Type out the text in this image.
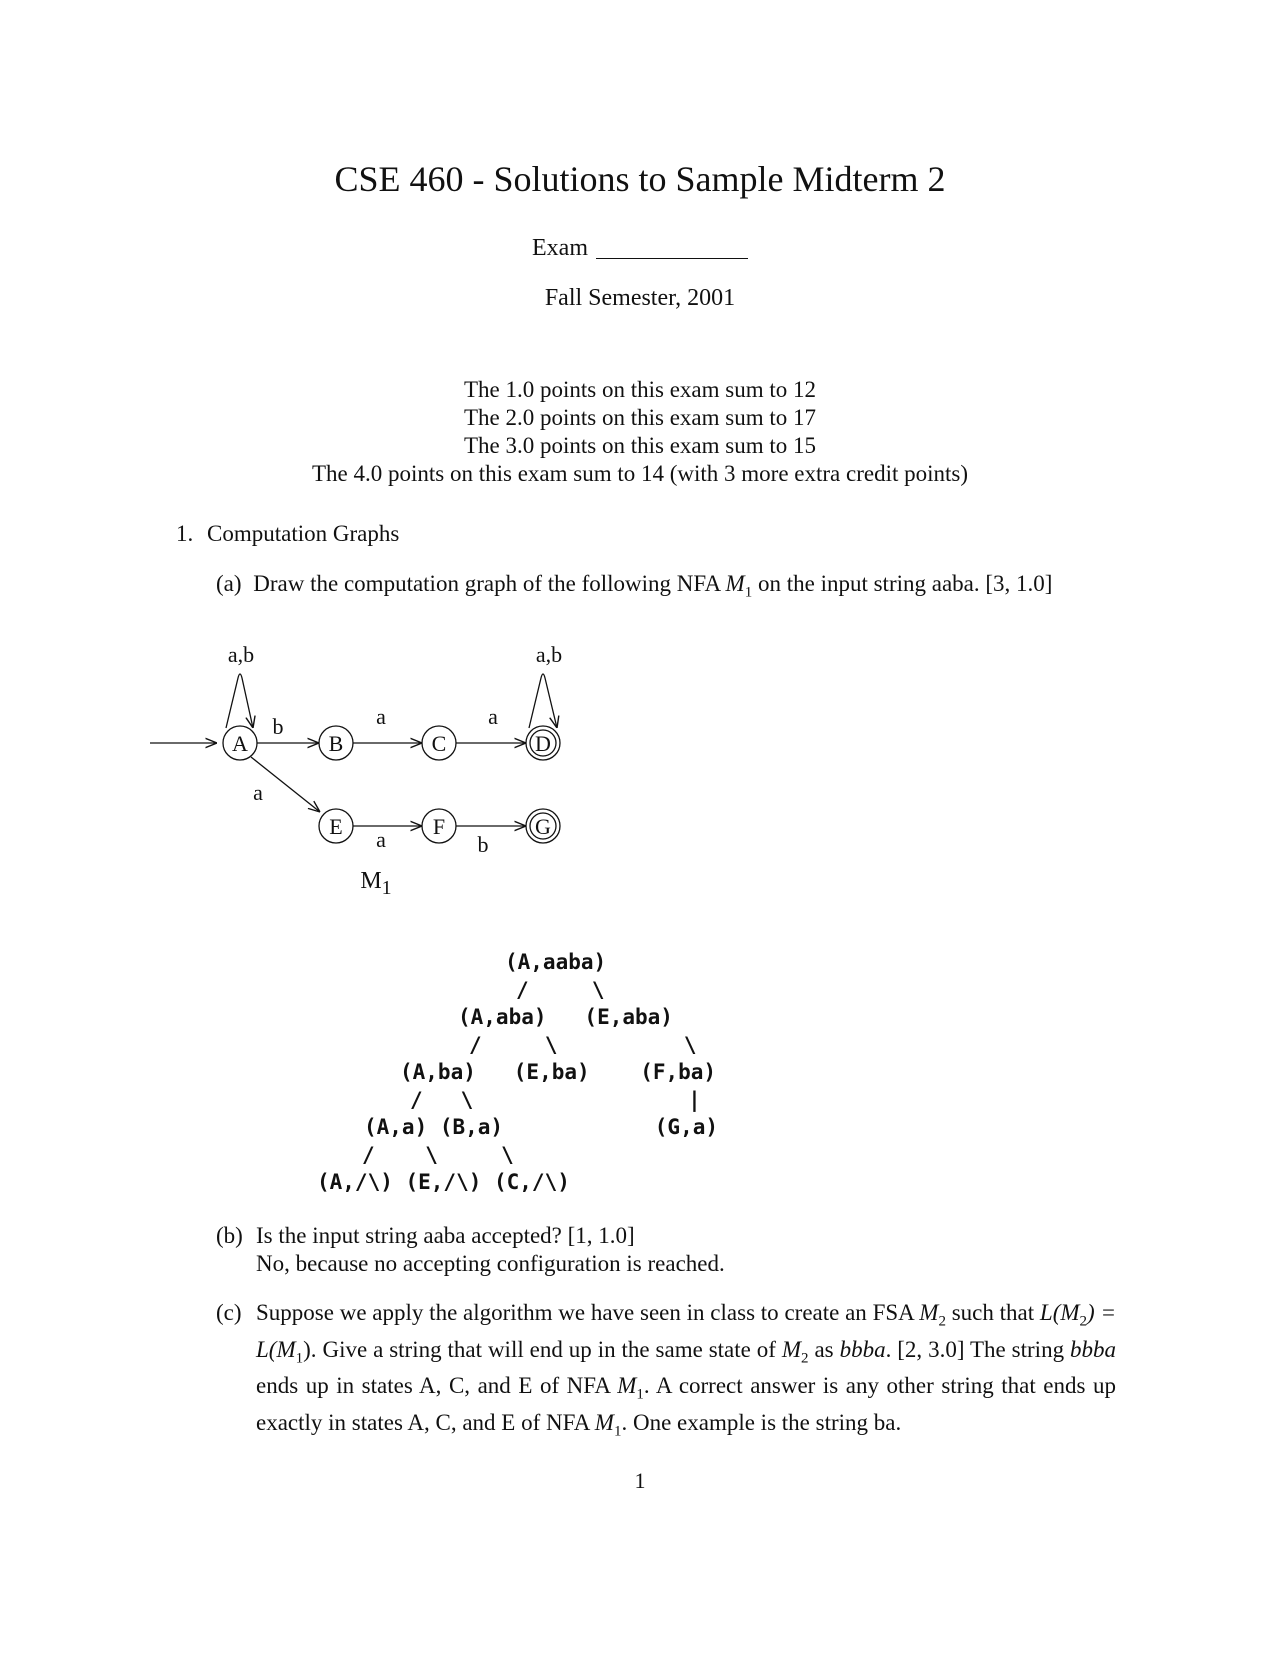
CSE 460 - Solutions to Sample Midterm 2
Exam
Fall Semester, 2001
The 1.0 points on this exam sum to 12
The 2.0 points on this exam sum to 17
The 3.0 points on this exam sum to 15
The 4.0 points on this exam sum to 14 (with 3 more extra credit points)
1. Computation Graphs
(a) Draw the computation graph of the following NFA $M_1$ on the input string aaba. [3, 1.0]
A	B	C	D
E	F	G
a,b	a,b
b	a	a
a
a	b
$M_1$
(A,aaba)
/     \
(A,aba)   (E,aba)
/     \          \
(A,ba)   (E,ba)    (F,ba)
/   \                 |
(A,a) (B,a)            (G,a)
/    \     \
(A,/\) (E,/\) (C,/\)
(b) Is the input string aaba accepted? [1, 1.0]
No, because no accepting configuration is reached.
(c) Suppose we apply the algorithm we have seen in class to create an FSA $M_2$ such that $L(M_2) = L(M_1)$. Give a string that will end up in the same state of $M_2$ as bbba. [2, 3.0] The string bbba ends up in states A, C, and E of NFA $M_1$. A correct answer is any other string that ends up exactly in states A, C, and E of NFA $M_1$. One example is the string ba.
1
